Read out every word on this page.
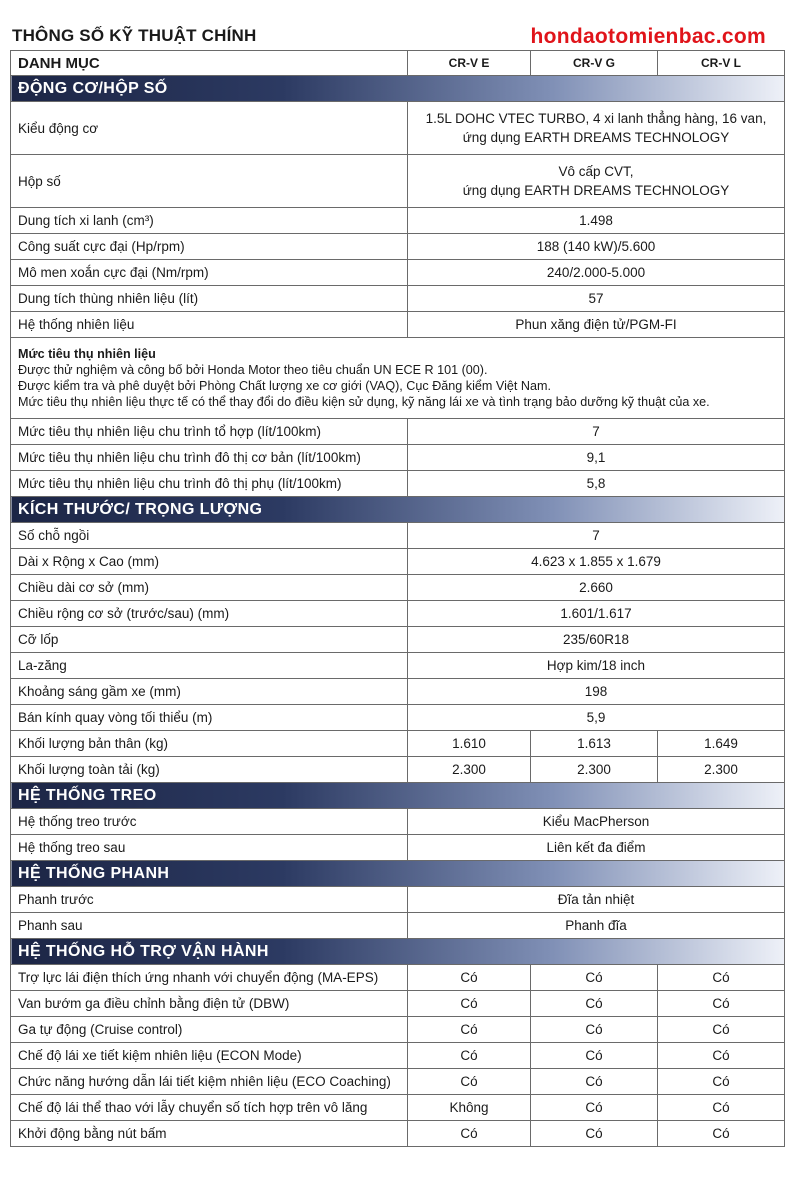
THÔNG SỐ KỸ THUẬT CHÍNH	hondaotomienbac.com
DANH MỤC	CR-V E	CR-V G	CR-V L
ĐỘNG CƠ/HỘP SỐ			
Kiểu động cơ	1.5L DOHC VTEC TURBO, 4 xi lanh thẳng hàng, 16 van,
ứng dụng EARTH DREAMS TECHNOLOGY		

Hộp số	Vô cấp CVT,
ứng dụng EARTH DREAMS TECHNOLOGY		

Dung tích xi lanh (cm³)	1.498		
Công suất cực đại (Hp/rpm)	188 (140 kW)/5.600		
Mô men xoắn cực đại (Nm/rpm)	240/2.000-5.000		
Dung tích thùng nhiên liệu (lít)	57		
Hệ thống nhiên liệu	Phun xăng điện tử/PGM-FI		

Mức tiêu thụ nhiên liệu
Được thử nghiệm và công bố bởi Honda Motor theo tiêu chuẩn UN ECE R 101 (00).
Được kiểm tra và phê duyệt bởi Phòng Chất lượng xe cơ giới (VAQ), Cục Đăng kiểm Việt Nam.
Mức tiêu thụ nhiên liệu thực tế có thể thay đổi do điều kiện sử dụng, kỹ năng lái xe và tình trạng bảo dưỡng kỹ thuật của xe.			

Mức tiêu thụ nhiên liệu chu trình tổ hợp (lít/100km)	7		
Mức tiêu thụ nhiên liệu chu trình đô thị cơ bản (lít/100km)	9,1		
Mức tiêu thụ nhiên liệu chu trình đô thị phụ (lít/100km)	5,8		
KÍCH THƯỚC/ TRỌNG LƯỢNG			
Số chỗ ngồi	7		
Dài x Rộng x Cao (mm)	4.623 x 1.855 x 1.679		
Chiều dài cơ sở (mm)	2.660		
Chiều rộng cơ sở (trước/sau) (mm)	1.601/1.617		
Cỡ lốp	235/60R18		
La-zăng	Hợp kim/18 inch		
Khoảng sáng gầm xe (mm)	198		
Bán kính quay vòng tối thiểu (m)	5,9		
Khối lượng bản thân (kg)	1.610	1.613	1.649
Khối lượng toàn tải (kg)	2.300	2.300	2.300
HỆ THỐNG TREO			
Hệ thống treo trước	Kiểu MacPherson		
Hệ thống treo sau	Liên kết đa điểm		
HỆ THỐNG PHANH			
Phanh trước	Đĩa tản nhiệt		
Phanh sau	Phanh đĩa		
HỆ THỐNG HỖ TRỢ VẬN HÀNH			
Trợ lực lái điện thích ứng nhanh với chuyển động (MA-EPS)	Có	Có	Có
Van bướm ga điều chỉnh bằng điện tử (DBW)	Có	Có	Có
Ga tự động (Cruise control)	Có	Có	Có
Chế độ lái xe tiết kiệm nhiên liệu (ECON Mode)	Có	Có	Có
Chức năng hướng dẫn lái tiết kiệm nhiên liệu (ECO Coaching)	Có	Có	Có
Chế độ lái thể thao với lẫy chuyển số tích hợp trên vô lăng	Không	Có	Có
Khởi động bằng nút bấm	Có	Có	Có
